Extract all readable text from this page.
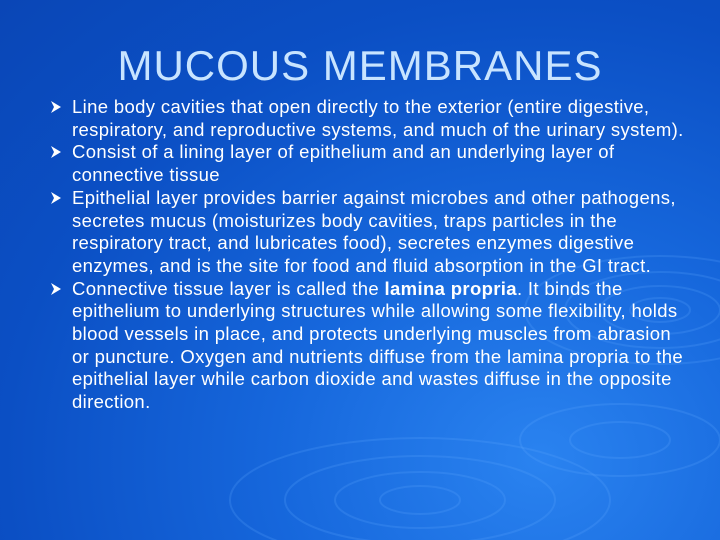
MUCOUS MEMBRANES
Line body cavities that open directly to the exterior (entire digestive, respiratory, and reproductive systems, and much of the urinary system).
Consist of a lining layer of epithelium and an underlying layer of connective tissue
Epithelial layer provides barrier against microbes and other pathogens, secretes mucus (moisturizes body cavities, traps particles in the respiratory tract, and lubricates food), secretes enzymes digestive enzymes, and is the site for food and fluid absorption in the GI tract.
Connective tissue layer is called the lamina propria. It binds the epithelium to underlying structures while allowing some flexibility, holds blood vessels in place, and protects underlying muscles from abrasion or puncture. Oxygen and nutrients diffuse from the lamina propria to the epithelial layer while carbon dioxide and wastes diffuse in the opposite direction.
